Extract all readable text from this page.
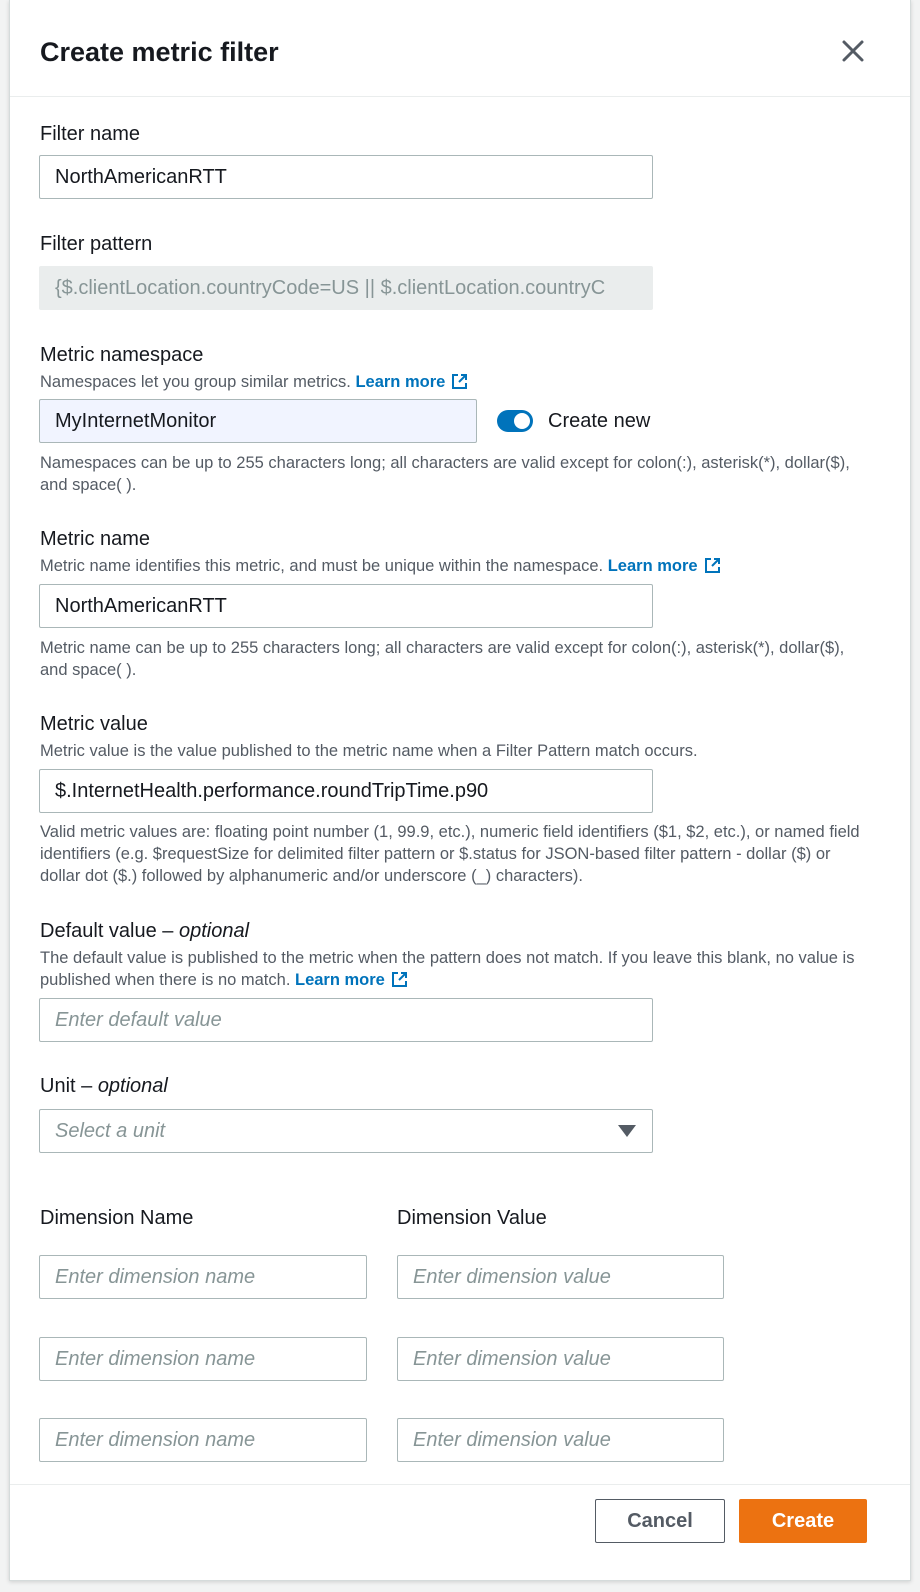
Create metric filter
Filter name
NorthAmericanRTT
Filter pattern
{$.clientLocation.countryCode=US || $.clientLocation.countryC
Metric namespace
Namespaces let you group similar metrics. Learn more
MyInternetMonitor	Create new
Namespaces can be up to 255 characters long; all characters are valid except for colon(:), asterisk(*), dollar($), and space( ).
Metric name
Metric name identifies this metric, and must be unique within the namespace. Learn more
NorthAmericanRTT
Metric name can be up to 255 characters long; all characters are valid except for colon(:), asterisk(*), dollar($), and space( ).
Metric value
Metric value is the value published to the metric name when a Filter Pattern match occurs.
$.InternetHealth.performance.roundTripTime.p90
Valid metric values are: floating point number (1, 99.9, etc.), numeric field identifiers ($1, $2, etc.), or named field identifiers (e.g. $requestSize for delimited filter pattern or $.status for JSON-based filter pattern - dollar ($) or dollar dot ($.) followed by alphanumeric and/or underscore (_) characters).
Default value – optional
The default value is published to the metric when the pattern does not match. If you leave this blank, no value is published when there is no match. Learn more
Enter default value
Unit – optional
Select a unit
Dimension Name	Dimension Value
Enter dimension name	Enter dimension value
Enter dimension name	Enter dimension value
Enter dimension name	Enter dimension value
Cancel	Create
